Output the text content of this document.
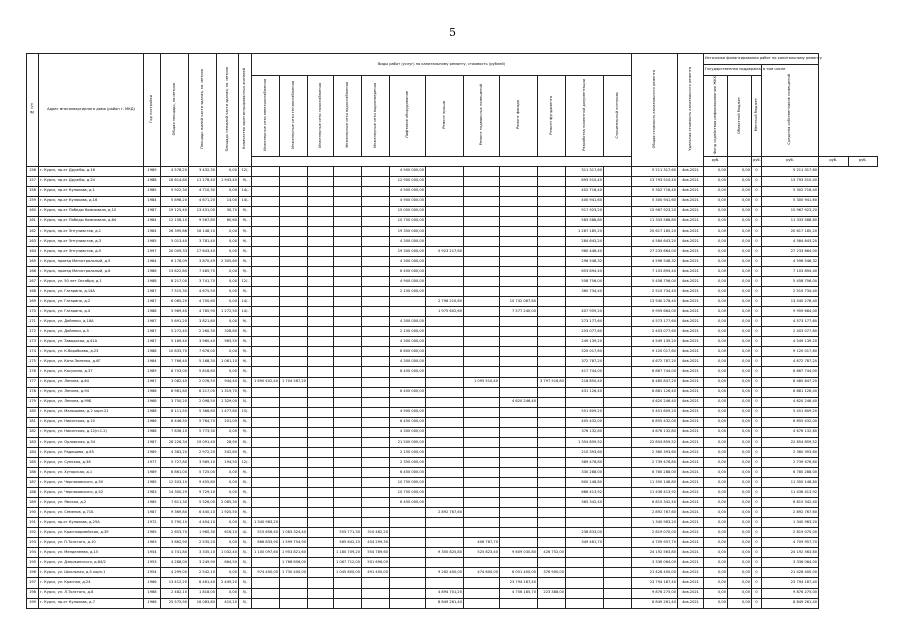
5
№ п/п	Адрес многоквартирного дома (район г. МКД)	Год постройки	Общая площадь, кв.метров	Площадь жилой части здания, кв. метров	Площадь нежилой части здания, кв. метров	Количество зарегистрированных жителей	Виды работ (услуг) по капитальному ремонту, стоимость (рублей)												Общая стоимость капитального ремонта	Удельная стоимость капитального ремонта	Источники финансирования работ по капитальному ремонту					
																					Государственная поддержка, в том числе			Средства собственников помещений		
							Инженерные сети электроснабжения	Инженерные сети теплоснабжения	Инженерные сети газоснабжения	Инженерные сети водоснабжения	Инженерные сети водоотведения	Лифтовое оборудование	Ремонт крыши	Ремонт подвальных помещений	Ремонт фасада	Ремонт фундамента	Разработка проектной документации	Строительный контроль			Фонд содействия реформированию ЖКХ	Областной бюджет	Местный бюджет			
																					руб.		руб.	руб.	руб.	руб.
156	г. Курск, пр-кт Дружбы, д.16	1989	4 578,20	3 432,30	0,00	12/-						4 900 000,00					311 317,60		5 211 317,60	4кв.2021	0,00	0,00	0	5 211 317,60		
157	г. Курск, пр-кт Дружбы, д.24	1988	18 614,80	11 178,40	1 943,40	9/-						12 900 000,00					893 510,40		13 793 510,40	4кв.2021	0,00	0,00	0	13 793 510,40		
158	г. Курск, пр-кт Кулакова, д.1	1985	5 922,30	4 710,30	0,00	14/-						4 900 000,00					402 716,40		5 302 716,40	4кв.2021	0,00	0,00	0	5 302 716,40		
159	г. Курск, пр-кт Кулакова, д.16	1984	5 898,20	4 671,20	14,00	14/-						4 900 000,00					400 941,60		5 300 941,60	4кв.2021	0,00	0,00	0	5 300 941,60		
160	г. Курск, пр-кт Победы Комсомола, д.10	1987	19 125,40	13 431,00	30,70	9/-						15 050 000,00					917 923,20		15 967 923,20	4кв.2021	0,00	0,00	0	15 967 923,20		
161	г. Курск, пр-кт Победы Комсомола, д.64	1984	12 158,10	9 567,80	60,60	9/-						10 750 000,00					583 588,80		11 333 588,80	4кв.2021	0,00	0,00	0	11 333 588,80		
162	г. Курск, пр-кт Энтузиастов, д.1	1984	26 395,86	16 148,10	0,00	9/-						19 350 000,00					1 267 185,20		20 617 185,20	4кв.2021	0,00	0,00	0	20 617 185,20		
163	г. Курск, пр-кт Энтузиастов, д.3	1985	5 013,40	3 781,40	0,00	9/-						4 300 000,00					284 643,20		4 584 643,20	4кв.2021	0,00	0,00	0	4 584 643,20		
164	г. Курск, пр-кт Энтузиастов, д.5	1997	20 009,33	17 643,40	0,00	9/-						19 300 000,00	5 923 217,60				960 446,40		27 233 664,00	4кв.2021	0,00	0,00	0	27 233 664,00		
165	г. Курск, проезд Магистральный, д.5	1984	6 178,09	3 870,49	2 305,60	9/-						4 300 000,00					296 548,32		4 596 548,32	4кв.2021	0,00	0,00	0	4 596 548,32		
166	г. Курск, проезд Магистральный, д.6	1986	13 622,80	7 485,70	0,00	9/-						6 450 000,00					653 894,40		7 103 894,40	4кв.2021	0,00	0,00	0	7 103 894,40		
167	г. Курск, ул. 50 лет Октября, д.1	1988	8 217,00	3 741,70	0,00	12/-						4 900 000,00					558 756,00		5 458 756,00	4кв.2021	0,00	0,00	0	5 458 756,00		
168	г. Курск, ул. Гагарина, д.14А	1987	7 515,30	4 675,50	0,00	9/-						2 150 000,00					360 734,40		2 510 734,40	4кв.2021	0,00	0,00	0	2 510 734,40		
169	г. Курск, ул. Гагарина, д.2	1987	6 065,20	4 700,60	0,00	14/-							2 798 210,80		10 742 067,60				13 540 278,40	4кв.2021	0,00	0,00	0	13 540 278,40		
170	г. Курск, ул. Гагарина, д.4	1988	5 969,40	4 785,90	1 272,50	14/-							1 975 602,60		7 577 240,00		407 959,20		9 959 664,00	4кв.2021	0,00	0,00	0	9 959 664,00		
171	г. Курск, ул. Дейнеки, д.18А	1987	5 691,20	3 821,60	0,00	9/-						4 300 000,00					273 177,60		4 573 177,60	4кв.2021	0,00	0,00	0	4 573 177,60		
172	г. Курск, ул. Дейнеки, д.5	1987	5 272,45	2 260,30	328,60	9/-						2 150 000,00					253 077,60		2 403 077,60	4кв.2021	0,00	0,00	0	2 403 077,60		
173	г. Курск, ул. Заводская, д.41А	1987	5 189,40	3 960,40	983,50	9/-						4 300 000,00					249 139,20		4 549 139,20	4кв.2021	0,00	0,00	0	4 549 139,20		
174	г. Курск, ул. К.Воробьева, д.23	1988	10 833,70	7 676,00	0,00	9/-						8 600 000,00					520 017,60		9 120 017,60	4кв.2021	0,00	0,00	0	9 120 017,60		
175	г. Курск, ул. Кати Зеленко, д.6Г	1984	7 766,40	5 168,30	1 061,10	9/-						4 300 000,00					372 787,20		4 672 787,20	4кв.2021	0,00	0,00	0	4 672 787,20		
176	г. Курск, ул. Косухина, д.37	1989	8 703,00	5 818,60	0,00	9/-						6 450 000,00					417 744,00		6 867 744,00	4кв.2021	0,00	0,00	0	6 867 744,00		
177	г. Курск, ул. Ленина, д.64	1967	3 082,40	2 076,50	944,40	5/-	1 690 402,40	1 704 567,20						1 095 510,40		3 797 516,80	218 850,40		8 485 847,20	4кв.2021	0,00	0,00	0	8 485 847,20		
178	г. Курск, ул. Ленина, д.94	1968	8 981,80	6 217,00	1 319,70	9/-						6 450 000,00					431 126,40		6 881 126,40	4кв.2021	0,00	0,00	0	6 881 126,40		
179	г. Курск, ул. Ленина, д.99Б	1968	3 750,20	2 098,50	1 329,00	5/-									4 620 246,40				4 620 246,40	4кв.2021	0,00	0,00	0	4 620 246,40		
180	г. Курск, ул. Малышева, д.2 корп.21	1988	8 111,50	5 366,60	1 477,80	15/-						4 900 000,00					551 609,20		5 451 609,20	4кв.2021	0,00	0,00	0	5 451 609,20		
181	г. Курск, ул. Никитская, д.10	1986	8 446,50	5 764,70	201,00	9/-						6 450 000,00					405 432,00		6 855 432,00	4кв.2021	0,00	0,00	0	6 855 432,00		
182	г. Курск, ул. Никитская, д.12(п.1.2)	1988	7 836,10	5 773,30	0,00	9/-						4 300 000,00					376 132,80		4 676 132,80	4кв.2021	0,00	0,00	0	4 676 132,80		
183	г. Курск, ул. Орловская, д.34	1987	28 226,34	19 091,40	28,90	9/-						21 500 000,00					1 354 859,52		22 854 859,52	4кв.2021	0,00	0,00	0	22 854 859,52		
184	г. Курск, ул. Радищева, д.85	1989	4 383,20	2 972,20	542,60	9/-						2 150 000,00					210 393,60		2 360 393,60	4кв.2021	0,00	0,00	0	2 360 393,60		
185	г. Курск, ул. Сумская, д.38	1977	5 727,80	3 989,10	194,50	12/-						2 350 000,00					389 476,80		2 739 476,80	4кв.2021	0,00	0,00	0	2 739 476,80		
186	г. Курск, ул. Хуторская, д.1	1989	6 861,00	5 725,00	0,00	9/-						6 450 000,00					330 288,00		6 780 288,00	4кв.2021	0,00	0,00	0	6 780 288,00		
187	г. Курск, ул. Черняховского, д.50	1985	12 503,10	9 455,80	0,00	9/-						10 750 000,00					600 148,80		11 350 148,80	4кв.2021	0,00	0,00	0	11 350 148,80		
188	г. Курск, ул. Черняховского, д.52	1983	14 300,29	9 729,10	0,00	9/-						10 750 000,00					686 413,92		11 436 413,92	4кв.2021	0,00	0,00	0	11 436 413,92		
189	г. Курск, ул. Ямская, д.2	1985	7 611,30	5 526,00	2 085,30	9/-						6 450 000,00					365 342,40		6 815 342,40	4кв.2021	0,00	0,00	0	6 815 342,40		
190	г. Курск, ул. Семенов, д.71Б	1987	9 369,80	6 440,10	1 920,50	9/-							2 892 767,60						2 892 767,60	4кв.2021	0,00	0,00	0	2 892 767,60		
191	г. Курск, пр-кт Кулакова, д.25А	1972	5 790,10	4 404,10	0,00	5/-	1 340 983,20												1 340 983,20	4кв.2021	0,00	0,00	0	1 340 983,20		
192	г. Курск, ул. Красноармейская, д.39	1965	2 653,70	1 960,30	616,10	4/-	515 656,40	1 083 324,40		555 771,30	310 482,20						238 833,00		2 819 070,00	4кв.2021	0,00	0,00	0	2 819 070,00		
193	г. Курск, ул. П.Толстого, д.10	1963	3 862,90	2 535,20	0,00	5/-	866 833,90	1 599 754,90		565 642,15	454 299,30			406 767,70			349 461,70		4 709 957,70	4кв.2021	0,00	0,00	0	4 709 957,70		
194	г. Курск, ул. Менделеева, д.15	1954	4 741,80	3 335,10	1 032,40	5/-	1 100 097,60	1 953 821,60		1 180 709,20	554 789,60		9 350 825,80	525 823,40	9 609 030,80	426 752,00			24 192 563,80	4кв.2021	0,00	0,00	0	24 192 563,80		
195	г. Курск, ул. Дзержинского, д.84/2	1953	4 288,00	3 249,90	664,50	5/-		1 766 656,00		1 067 712,00	501 696,00								3 336 064,00	4кв.2021	0,00	0,00	0	3 336 064,00		
196	г. Курск, ул. Школьная, д.5 корп.1	1954	4 299,00	2 542,10	0,00	5/-	974 400,00	1 730 400,00		1 045 800,00	491 400,00		9 262 400,00	474 600,00	6 051 400,00	376 900,00			21 428 400,00	4кв.2021	0,00	0,00	0	21 428 400,00		
197	г. Курск, ул. Красная, д.24	1966	13 412,20	8 461,40	2 449,20	5/-									23 794 187,40				23 794 187,40	4кв.2021	0,00	0,00	0	23 794 187,40		
198	г. Курск, ул. Л.Толстого, д.8	1968	2 482,10	1 818,00	0,00	5/-							4 894 701,20		4 756 185,70	223 388,00			9 876 275,00	4кв.2021	0,00	0,00	0	9 876 275,00		
199	г. Курск, пр-кт Кулакова, д.7	1966	25 575,90	16 083,80	410,10	5/-							8 849 261,40						8 849 261,40	4кв.2021	0,00	0,00	0	8 849 261,40		
